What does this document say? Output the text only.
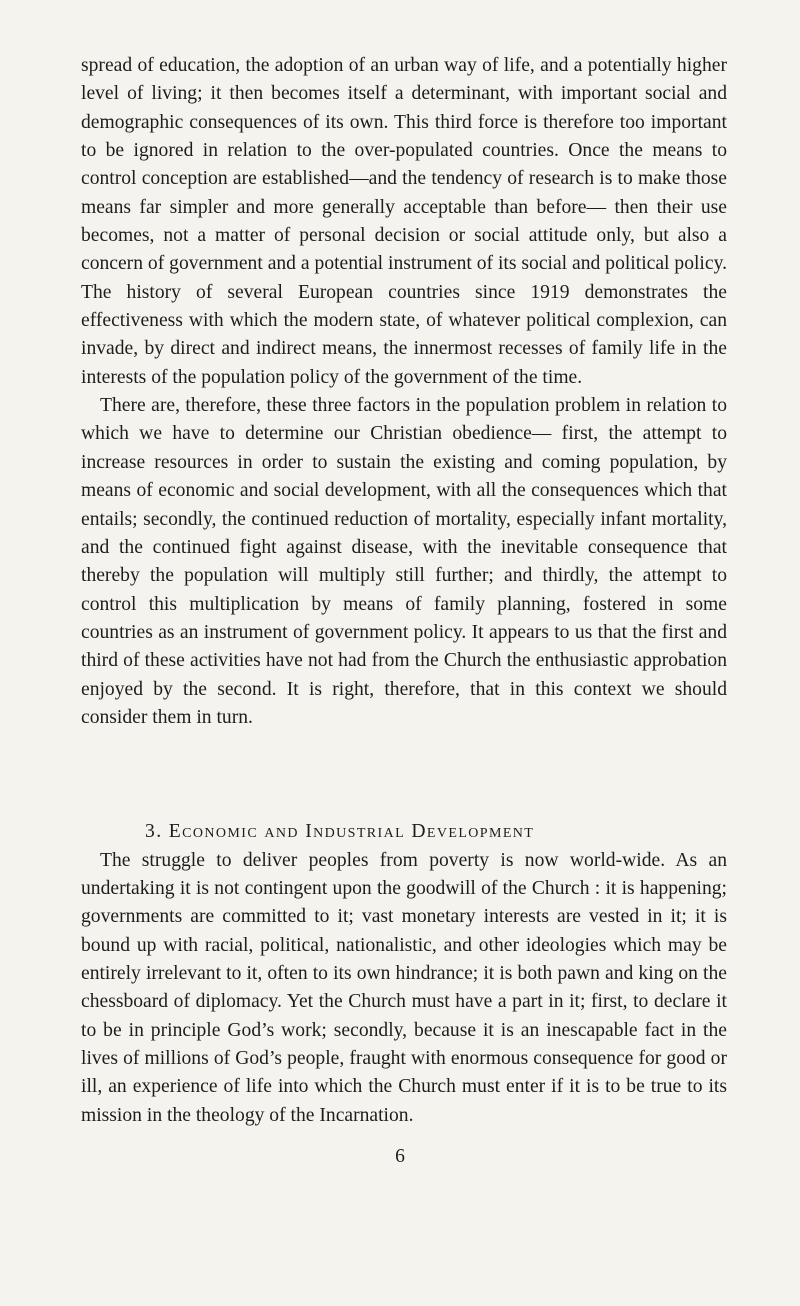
spread of education, the adoption of an urban way of life, and a potentially higher level of living; it then becomes itself a determinant, with important social and demographic consequences of its own. This third force is therefore too important to be ignored in relation to the over-populated countries. Once the means to control conception are established—and the tendency of research is to make those means far simpler and more generally acceptable than before— then their use becomes, not a matter of personal decision or social attitude only, but also a concern of government and a potential instrument of its social and political policy. The history of several European countries since 1919 demonstrates the effectiveness with which the modern state, of whatever political complexion, can invade, by direct and indirect means, the innermost recesses of family life in the interests of the population policy of the government of the time.

There are, therefore, these three factors in the population problem in relation to which we have to determine our Christian obedience— first, the attempt to increase resources in order to sustain the existing and coming population, by means of economic and social development, with all the consequences which that entails; secondly, the continued reduction of mortality, especially infant mortality, and the continued fight against disease, with the inevitable consequence that thereby the population will multiply still further; and thirdly, the attempt to control this multiplication by means of family planning, fostered in some countries as an instrument of government policy. It appears to us that the first and third of these activities have not had from the Church the enthusiastic approbation enjoyed by the second. It is right, therefore, that in this context we should consider them in turn.

3. Economic and Industrial Development

The struggle to deliver peoples from poverty is now world-wide. As an undertaking it is not contingent upon the goodwill of the Church : it is happening; governments are committed to it; vast monetary interests are vested in it; it is bound up with racial, political, nationalistic, and other ideologies which may be entirely irrelevant to it, often to its own hindrance; it is both pawn and king on the chessboard of diplomacy. Yet the Church must have a part in it; first, to declare it to be in principle God’s work; secondly, because it is an inescapable fact in the lives of millions of God’s people, fraught with enormous consequence for good or ill, an experience of life into which the Church must enter if it is to be true to its mission in the theology of the Incarnation.

6
